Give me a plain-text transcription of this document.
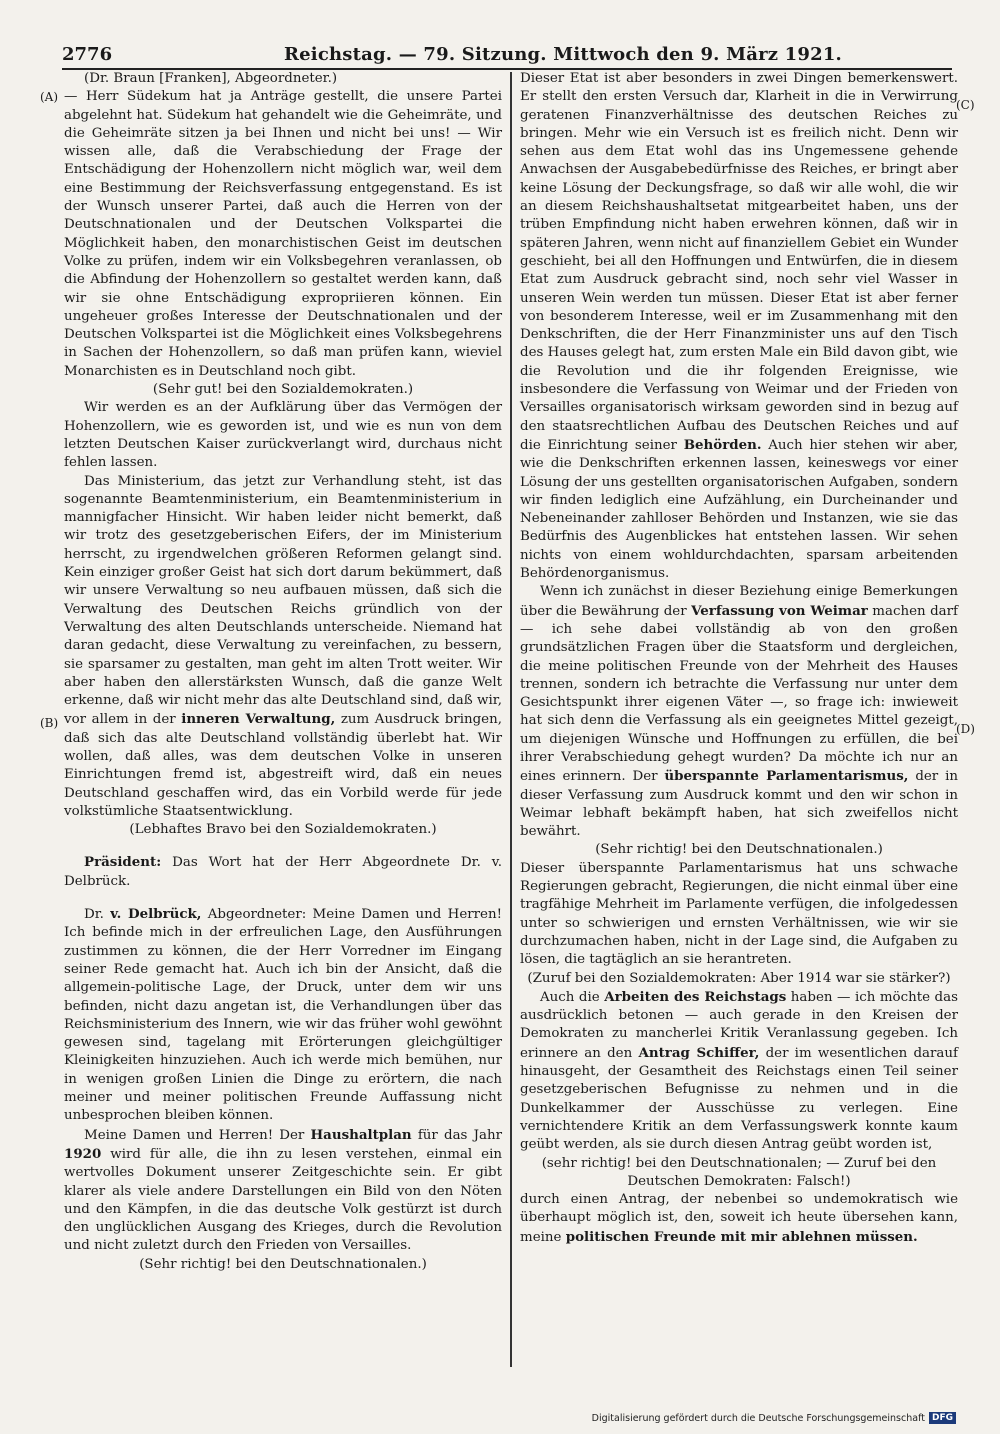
2776	Reichstag. — 79. Sitzung. Mittwoch den 9. März 1921.
(A)
(B)
(C)
(D)

(Dr. Braun [Franken], Abgeordneter.)

— Herr Südekum hat ja Anträge gestellt, die unsere Partei abgelehnt hat. Südekum hat gehandelt wie die Geheimräte, und die Geheimräte sitzen ja bei Ihnen und nicht bei uns! — Wir wissen alle, daß die Verabschiedung der Frage der Entschädigung der Hohenzollern nicht möglich war, weil dem eine Bestimmung der Reichsverfassung entgegenstand. Es ist der Wunsch unserer Partei, daß auch die Herren von der Deutschnationalen und der Deutschen Volkspartei die Möglichkeit haben, den monarchistischen Geist im deutschen Volke zu prüfen, indem wir ein Volksbegehren veranlassen, ob die Abfindung der Hohenzollern so gestaltet werden kann, daß wir sie ohne Entschädigung expropriieren können. Ein ungeheuer großes Interesse der Deutschnationalen und der Deutschen Volkspartei ist die Möglichkeit eines Volksbegehrens in Sachen der Hohenzollern, so daß man prüfen kann, wieviel Monarchisten es in Deutschland noch gibt.

(Sehr gut! bei den Sozialdemokraten.)

Wir werden es an der Aufklärung über das Vermögen der Hohenzollern, wie es geworden ist, und wie es nun von dem letzten Deutschen Kaiser zurückverlangt wird, durchaus nicht fehlen lassen.

Das Ministerium, das jetzt zur Verhandlung steht, ist das sogenannte Beamtenministerium, ein Beamtenministerium in mannigfacher Hinsicht. Wir haben leider nicht bemerkt, daß wir trotz des gesetzgeberischen Eifers, der im Ministerium herrscht, zu irgendwelchen größeren Reformen gelangt sind. Kein einziger großer Geist hat sich dort darum bekümmert, daß wir unsere Verwaltung so neu aufbauen müssen, daß sich die Verwaltung des Deutschen Reichs gründlich von der Verwaltung des alten Deutschlands unterscheide. Niemand hat daran gedacht, diese Verwaltung zu vereinfachen, zu bessern, sie sparsamer zu gestalten, man geht im alten Trott weiter. Wir aber haben den allerstärksten Wunsch, daß die ganze Welt erkenne, daß wir nicht mehr das alte Deutschland sind, daß wir, vor allem in der inneren Verwaltung, zum Ausdruck bringen, daß sich das alte Deutschland vollständig überlebt hat. Wir wollen, daß alles, was dem deutschen Volke in unseren Einrichtungen fremd ist, abgestreift wird, daß ein neues Deutschland geschaffen wird, das ein Vorbild werde für jede volkstümliche Staatsentwicklung.

(Lebhaftes Bravo bei den Sozialdemokraten.)

Präsident: Das Wort hat der Herr Abgeordnete Dr. v. Delbrück.

Dr. v. Delbrück, Abgeordneter: Meine Damen und Herren! Ich befinde mich in der erfreulichen Lage, den Ausführungen zustimmen zu können, die der Herr Vorredner im Eingang seiner Rede gemacht hat. Auch ich bin der Ansicht, daß die allgemein-politische Lage, der Druck, unter dem wir uns befinden, nicht dazu angetan ist, die Verhandlungen über das Reichsministerium des Innern, wie wir das früher wohl gewöhnt gewesen sind, tagelang mit Erörterungen gleichgültiger Kleinigkeiten hinzuziehen. Auch ich werde mich bemühen, nur in wenigen großen Linien die Dinge zu erörtern, die nach meiner und meiner politischen Freunde Auffassung nicht unbesprochen bleiben können.

Meine Damen und Herren! Der Haushaltplan für das Jahr 1920 wird für alle, die ihn zu lesen verstehen, einmal ein wertvolles Dokument unserer Zeitgeschichte sein. Er gibt klarer als viele andere Darstellungen ein Bild von den Nöten und den Kämpfen, in die das deutsche Volk gestürzt ist durch den unglücklichen Ausgang des Krieges, durch die Revolution und nicht zuletzt durch den Frieden von Versailles.

(Sehr richtig! bei den Deutschnationalen.)

Dieser Etat ist aber besonders in zwei Dingen bemerkenswert. Er stellt den ersten Versuch dar, Klarheit in die in Verwirrung geratenen Finanzverhältnisse des deutschen Reiches zu bringen. Mehr wie ein Versuch ist es freilich nicht. Denn wir sehen aus dem Etat wohl das ins Ungemessene gehende Anwachsen der Ausgabebedürfnisse des Reiches, er bringt aber keine Lösung der Deckungsfrage, so daß wir alle wohl, die wir an diesem Reichshaushaltsetat mitgearbeitet haben, uns der trüben Empfindung nicht haben erwehren können, daß wir in späteren Jahren, wenn nicht auf finanziellem Gebiet ein Wunder geschieht, bei all den Hoffnungen und Entwürfen, die in diesem Etat zum Ausdruck gebracht sind, noch sehr viel Wasser in unseren Wein werden tun müssen. Dieser Etat ist aber ferner von besonderem Interesse, weil er im Zusammenhang mit den Denkschriften, die der Herr Finanzminister uns auf den Tisch des Hauses gelegt hat, zum ersten Male ein Bild davon gibt, wie die Revolution und die ihr folgenden Ereignisse, wie insbesondere die Verfassung von Weimar und der Frieden von Versailles organisatorisch wirksam geworden sind in bezug auf den staatsrechtlichen Aufbau des Deutschen Reiches und auf die Einrichtung seiner Behörden. Auch hier stehen wir aber, wie die Denkschriften erkennen lassen, keineswegs vor einer Lösung der uns gestellten organisatorischen Aufgaben, sondern wir finden lediglich eine Aufzählung, ein Durcheinander und Nebeneinander zahlloser Behörden und Instanzen, wie sie das Bedürfnis des Augenblickes hat entstehen lassen. Wir sehen nichts von einem wohldurchdachten, sparsam arbeitenden Behördenorganismus.

Wenn ich zunächst in dieser Beziehung einige Bemerkungen über die Bewährung der Verfassung von Weimar machen darf — ich sehe dabei vollständig ab von den großen grundsätzlichen Fragen über die Staatsform und dergleichen, die meine politischen Freunde von der Mehrheit des Hauses trennen, sondern ich betrachte die Verfassung nur unter dem Gesichtspunkt ihrer eigenen Väter —, so frage ich: inwieweit hat sich denn die Verfassung als ein geeignetes Mittel gezeigt, um diejenigen Wünsche und Hoffnungen zu erfüllen, die bei ihrer Verabschiedung gehegt wurden? Da möchte ich nur an eines erinnern. Der überspannte Parlamentarismus, der in dieser Verfassung zum Ausdruck kommt und den wir schon in Weimar lebhaft bekämpft haben, hat sich zweifellos nicht bewährt.

(Sehr richtig! bei den Deutschnationalen.)

Dieser überspannte Parlamentarismus hat uns schwache Regierungen gebracht, Regierungen, die nicht einmal über eine tragfähige Mehrheit im Parlamente verfügen, die infolgedessen unter so schwierigen und ernsten Verhältnissen, wie wir sie durchzumachen haben, nicht in der Lage sind, die Aufgaben zu lösen, die tagtäglich an sie herantreten.

(Zuruf bei den Sozialdemokraten: Aber 1914 war sie stärker?)

Auch die Arbeiten des Reichstags haben — ich möchte das ausdrücklich betonen — auch gerade in den Kreisen der Demokraten zu mancherlei Kritik Veranlassung gegeben. Ich erinnere an den Antrag Schiffer, der im wesentlichen darauf hinausgeht, der Gesamtheit des Reichstags einen Teil seiner gesetzgeberischen Befugnisse zu nehmen und in die Dunkelkammer der Ausschüsse zu verlegen. Eine vernichtendere Kritik an dem Verfassungswerk konnte kaum geübt werden, als sie durch diesen Antrag geübt worden ist,

(sehr richtig! bei den Deutschnationalen; — Zuruf bei den Deutschen Demokraten: Falsch!)

durch einen Antrag, der nebenbei so undemokratisch wie überhaupt möglich ist, den, soweit ich heute übersehen kann, meine politischen Freunde mit mir ablehnen müssen.

Digitalisierung gefördert durch die Deutsche Forschungsgemeinschaft DFG
